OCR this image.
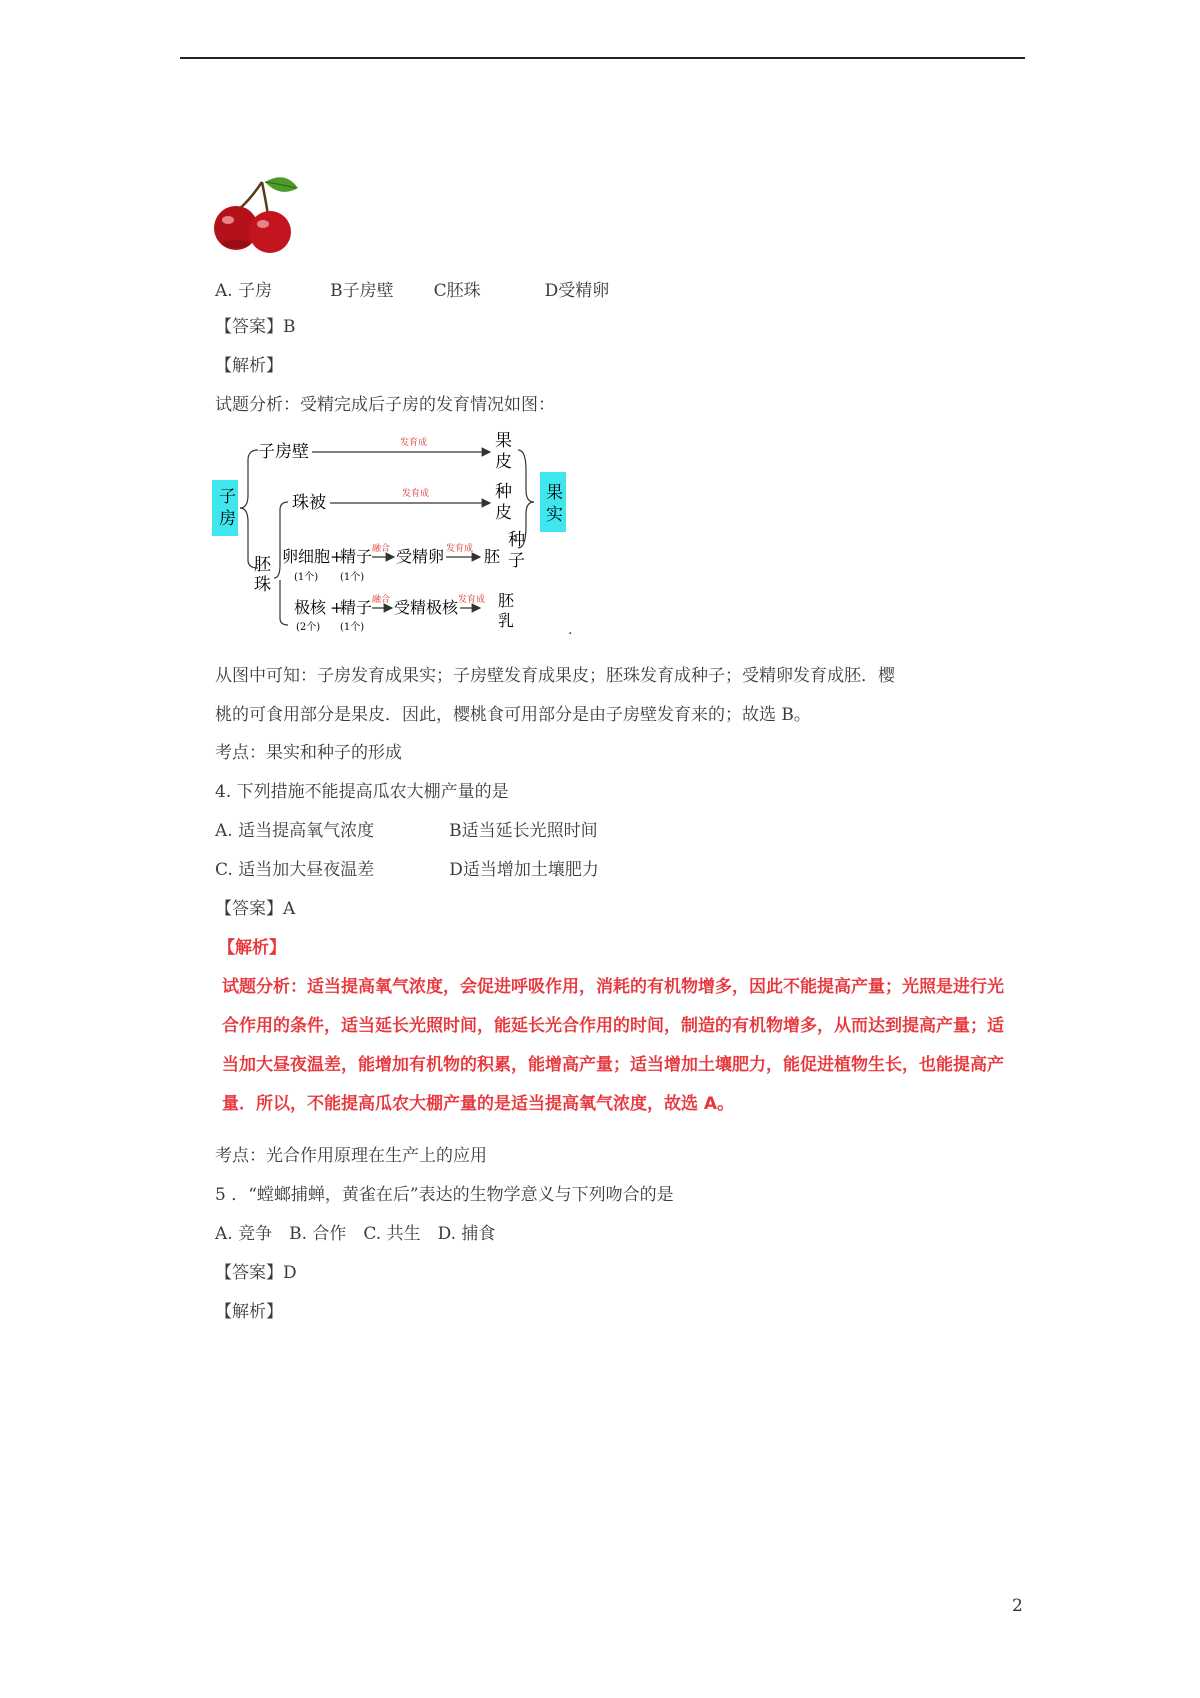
A. 子房	B子房壁 C胚珠	D受精卵
【答案】B
【解析】
试题分析：受精完成后子房的发育情况如图：
子
房
果
实
子房壁	发育成	果
皮
胚
珠
珠被	发育成	种
皮
种
子
卵细胞 +
精子
(1个) (1个)
融合 受精卵 发育成 胚
极核 +
精子
(2个) (1个)
融合 受精极核 发育成 胚
乳	.
从图中可知：子房发育成果实；子房壁发育成果皮；胚珠发育成种子；受精卵发育成胚．樱
桃的可食用部分是果皮．因此，樱桃食可用部分是由子房壁发育来的；故选 B。
考点：果实和种子的形成
4. 下列措施不能提高瓜农大棚产量的是
A. 适当提高氧气浓度	B适当延长光照时间
C. 适当加大昼夜温差	D适当增加土壤肥力
【答案】A
【解析】
试题分析：适当提高氧气浓度，会促进呼吸作用，消耗的有机物增多，因此不能提高产量；光照是进行光
合作用的条件，适当延长光照时间，能延长光合作用的时间，制造的有机物增多，从而达到提高产量；适
当加大昼夜温差，能增加有机物的积累，能增高产量；适当增加土壤肥力，能促进植物生长，也能提高产
量．所以，不能提高瓜农大棚产量的是适当提高氧气浓度，故选 A。
考点：光合作用原理在生产上的应用
5 ．“螳螂捕蝉，黄雀在后”表达的生物学意义与下列吻合的是
A. 竞争　B. 合作　C. 共生　D. 捕食
【答案】D
【解析】
2
